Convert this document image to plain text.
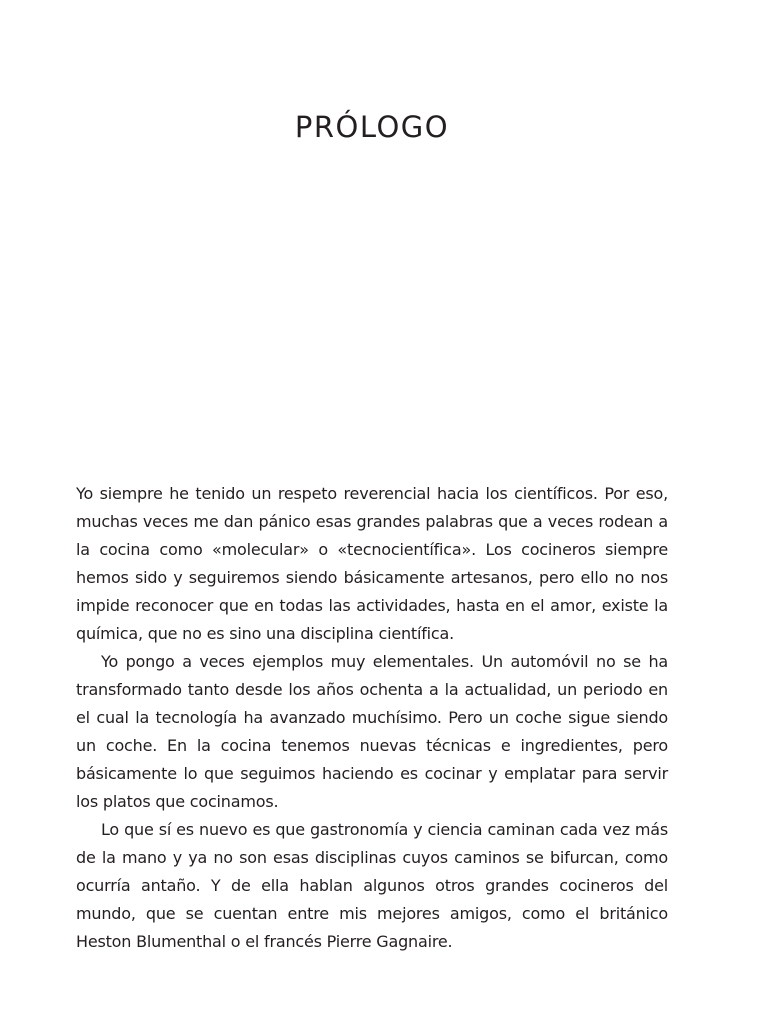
PRÓLOGO

Yo siempre he tenido un respeto reverencial hacia los científicos. Por eso, muchas veces me dan pánico esas grandes palabras que a veces rodean a la cocina como «molecular» o «tecnocientífica». Los cocineros siempre hemos sido y seguiremos siendo básicamente artesanos, pero ello no nos impide reconocer que en todas las actividades, hasta en el amor, existe la química, que no es sino una disciplina científica.

Yo pongo a veces ejemplos muy elementales. Un automóvil no se ha transformado tanto desde los años ochenta a la actualidad, un periodo en el cual la tecnología ha avanzado muchísimo. Pero un coche sigue siendo un coche. En la cocina tenemos nuevas técnicas e ingredientes, pero básicamente lo que seguimos haciendo es cocinar y emplatar para servir los platos que cocinamos.

Lo que sí es nuevo es que gastronomía y ciencia caminan cada vez más de la mano y ya no son esas disciplinas cuyos caminos se bifurcan, como ocurría antaño. Y de ella hablan algunos otros grandes cocineros del mundo, que se cuentan entre mis mejores amigos, como el británico Heston Blumenthal o el francés Pierre Gagnaire.
